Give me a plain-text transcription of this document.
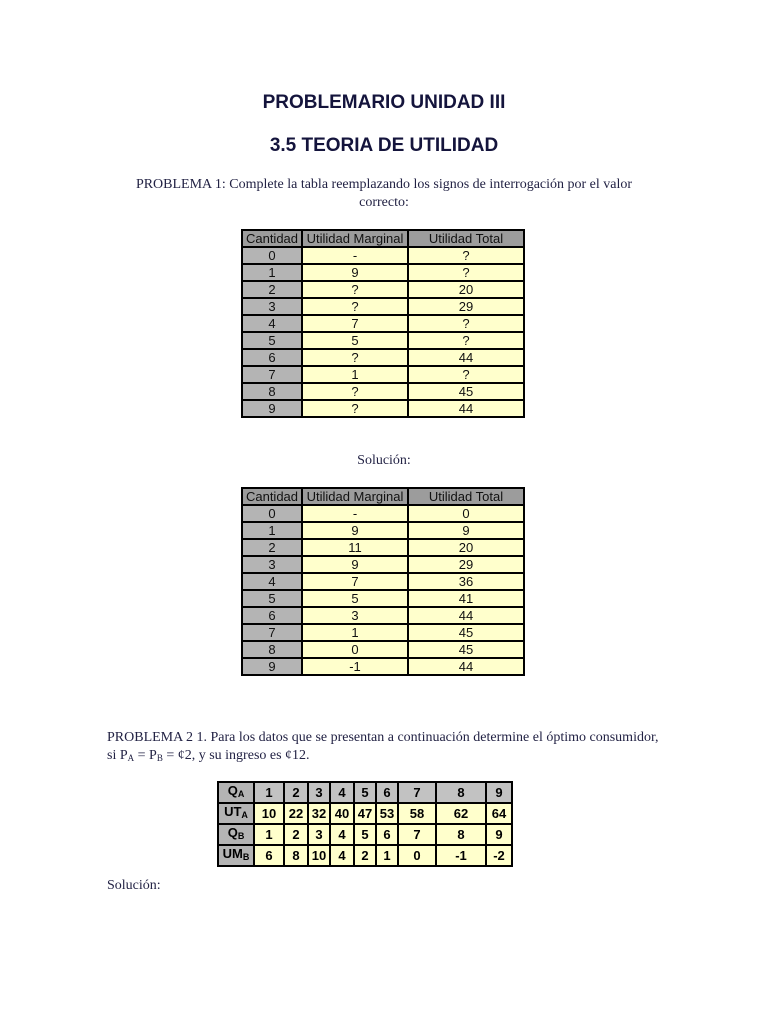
PROBLEMARIO UNIDAD III
3.5 TEORIA DE UTILIDAD
PROBLEMA 1: Complete la tabla reemplazando los signos de interrogación por el valor correcto:
Cantidad	Utilidad Marginal	Utilidad Total
0	-	?
1	9	?
2	?	20
3	?	29
4	7	?
5	5	?
6	?	44
7	1	?
8	?	45
9	?	44
Solución:
Cantidad	Utilidad Marginal	Utilidad Total
0	-	0
1	9	9
2	11	20
3	9	29
4	7	36
5	5	41
6	3	44
7	1	45
8	0	45
9	-1	44
PROBLEMA 2 1. Para los datos que se presentan a continuación determine el óptimo consumidor, si $P_A = P_B$ = ¢2, y su ingreso es ¢12.
$Q_A$	1	2	3	4	5	6	7	8	9
$UT_A$	10	22	32	40	47	53	58	62	64
$Q_B$	1	2	3	4	5	6	7	8	9
$UM_B$	6	8	10	4	2	1	0	-1	-2
Solución:
